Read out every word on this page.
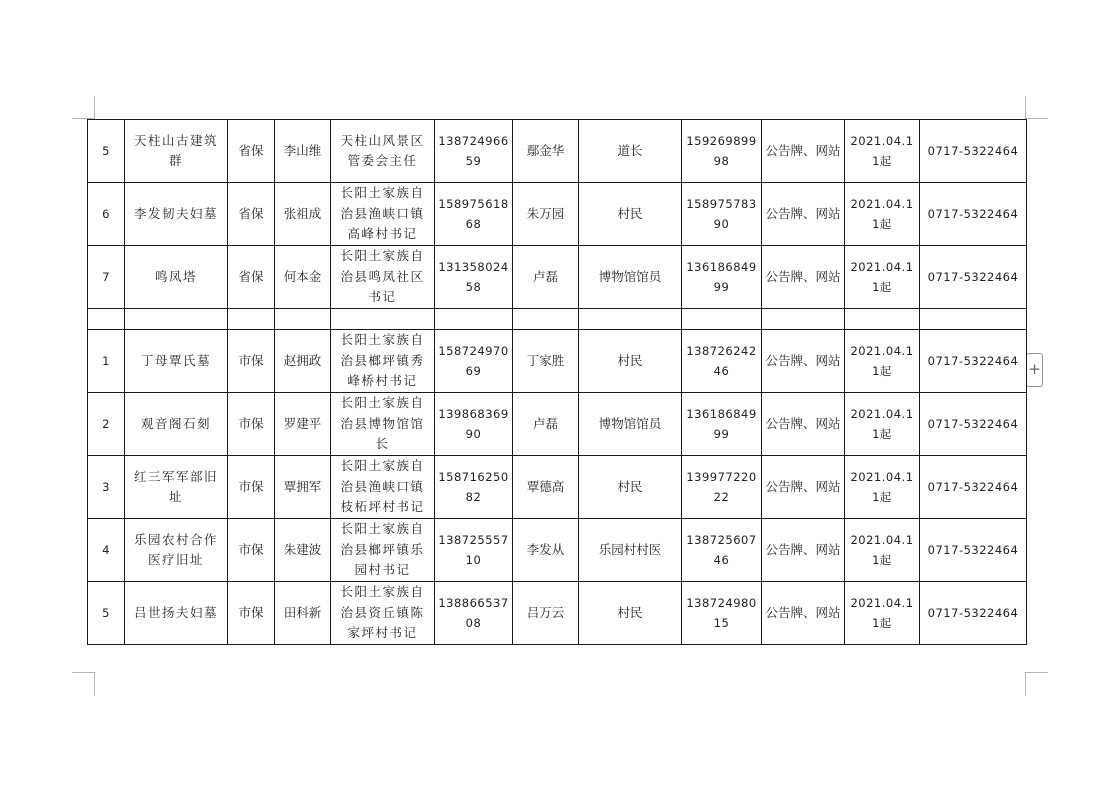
+
5	天柱山古建筑群	省保	李山维	天柱山风景区管委会主任	13872496659	鄢金华	道长	15926989998	公告牌、网站	2021.04.11起	0717-5322464
6	李发韧夫妇墓	省保	张祖成	长阳土家族自治县渔峡口镇高峰村书记	15897561868	朱万园	村民	15897578390	公告牌、网站	2021.04.11起	0717-5322464
7	鸣凤塔	省保	何本金	长阳土家族自治县鸣凤社区书记	13135802458	卢磊	博物馆馆员	13618684999	公告牌、网站	2021.04.11起	0717-5322464

1	丁母覃氏墓	市保	赵拥政	长阳土家族自治县榔坪镇秀峰桥村书记	15872497069	丁家胜	村民	13872624246	公告牌、网站	2021.04.11起	0717-5322464
2	观音阁石刻	市保	罗建平	长阳土家族自治县博物馆馆长	13986836990	卢磊	博物馆馆员	13618684999	公告牌、网站	2021.04.11起	0717-5322464
3	红三军军部旧址	市保	覃拥军	长阳土家族自治县渔峡口镇枝柘坪村书记	15871625082	覃德高	村民	13997722022	公告牌、网站	2021.04.11起	0717-5322464
4	乐园农村合作医疗旧址	市保	朱建波	长阳土家族自治县榔坪镇乐园村书记	13872555710	李发从	乐园村村医	13872560746	公告牌、网站	2021.04.11起	0717-5322464
5	吕世扬夫妇墓	市保	田科新	长阳土家族自治县资丘镇陈家坪村书记	13886653708	吕万云	村民	13872498015	公告牌、网站	2021.04.11起	0717-5322464
